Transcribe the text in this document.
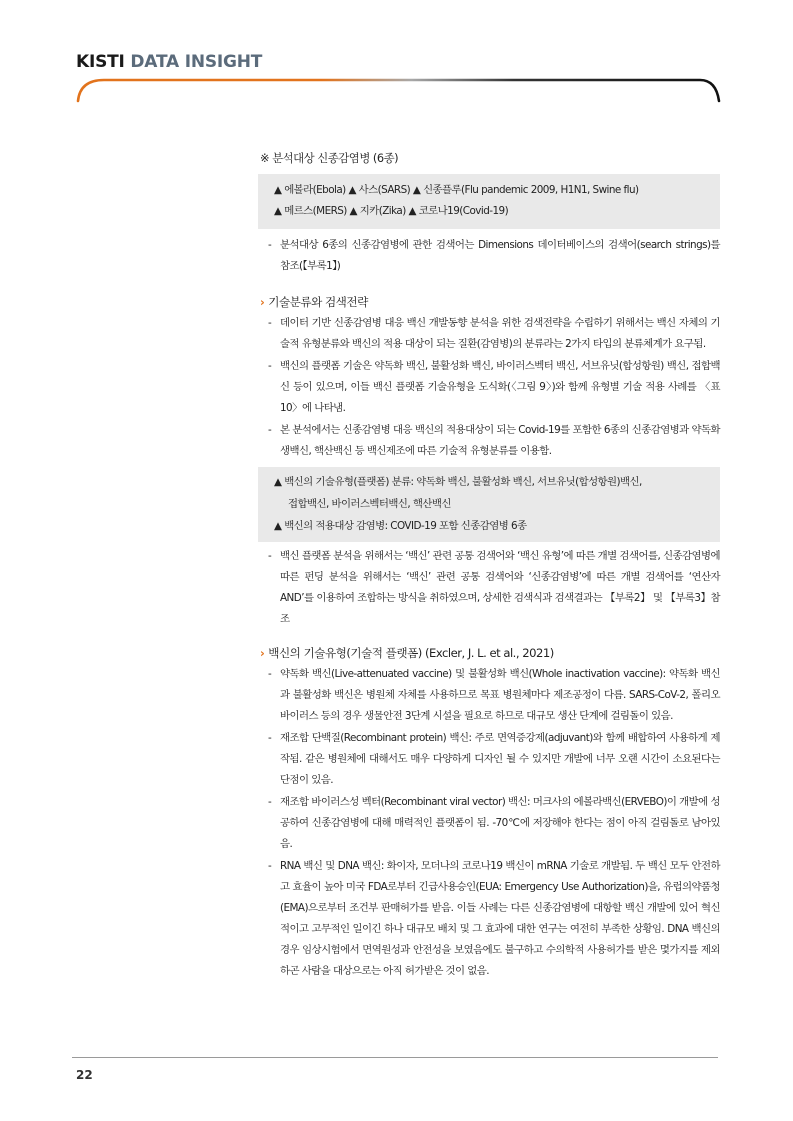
KISTI DATA INSIGHT
※ 분석대상 신종감염병 (6종)
▲ 에볼라(Ebola) ▲ 사스(SARS) ▲ 신종플루(Flu pandemic 2009, H1N1, Swine flu)
▲ 메르스(MERS) ▲ 지카(Zika) ▲ 코로나19(Covid-19)
- 분석대상 6종의 신종감염병에 관한 검색어는 Dimensions 데이터베이스의 검색어(search strings)를 참조(【부록1】)
› 기술분류와 검색전략
- 데이터 기반 신종감염병 대응 백신 개발동향 분석을 위한 검색전략을 수립하기 위해서는 백신 자체의 기술적 유형분류와 백신의 적용 대상이 되는 질환(감염병)의 분류라는 2가지 타입의 분류체계가 요구됨.
- 백신의 플랫폼 기술은 약독화 백신, 불활성화 백신, 바이러스벡터 백신, 서브유닛(합성항원) 백신, 접합백신 등이 있으며, 이들 백신 플랫폼 기술유형을 도식화(〈그림 9〉)와 함께 유형별 기술 적용 사례를 〈표 10〉에 나타냄.
- 본 분석에서는 신종감염병 대응 백신의 적용대상이 되는 Covid-19를 포함한 6종의 신종감염병과 약독화 생백신, 핵산백신 등 백신제조에 따른 기술적 유형분류를 이용함.
▲ 백신의 기술유형(플랫폼) 분류: 약독화 백신, 불활성화 백신, 서브유닛(합성항원)백신,
접합백신, 바이러스벡터백신, 핵산백신
▲ 백신의 적용대상 감염병: COVID-19 포함 신종감염병 6종
- 백신 플랫폼 분석을 위해서는 ‘백신’ 관련 공통 검색어와 ‘백신 유형’에 따른 개별 검색어를, 신종감염병에 따른 펀딩 분석을 위해서는 ‘백신’ 관련 공통 검색어와 ‘신종감염병’에 따른 개별 검색어를 ‘연산자 AND’를 이용하여 조합하는 방식을 취하였으며, 상세한 검색식과 검색결과는 【부록2】 및 【부록3】참조
› 백신의 기술유형(기술적 플랫폼) (Excler, J. L. et al., 2021)
- 약독화 백신(Live-attenuated vaccine) 및 불활성화 백신(Whole inactivation vaccine): 약독화 백신과 불활성화 백신은 병원체 자체를 사용하므로 목표 병원체마다 제조공정이 다름. SARS-CoV-2, 폴리오바이러스 등의 경우 생물안전 3단계 시설을 필요로 하므로 대규모 생산 단계에 걸림돌이 있음.
- 재조합 단백질(Recombinant protein) 백신: 주로 면역증강제(adjuvant)와 함께 배합하여 사용하게 제작됨. 같은 병원체에 대해서도 매우 다양하게 디자인 될 수 있지만 개발에 너무 오랜 시간이 소요된다는 단점이 있음.
- 재조합 바이러스성 벡터(Recombinant viral vector) 백신: 머크사의 에볼라백신(ERVEBO)이 개발에 성공하여 신종감염병에 대해 매력적인 플랫폼이 됨. -70℃에 저장해야 한다는 점이 아직 걸림돌로 남아있음.
- RNA 백신 및 DNA 백신: 화이자, 모더나의 코로나19 백신이 mRNA 기술로 개발됨. 두 백신 모두 안전하고 효율이 높아 미국 FDA로부터 긴급사용승인(EUA: Emergency Use Authorization)을, 유럽의약품청(EMA)으로부터 조건부 판매허가를 받음. 이들 사례는 다른 신종감염병에 대항할 백신 개발에 있어 혁신적이고 고무적인 일이긴 하나 대규모 배치 및 그 효과에 대한 연구는 여전히 부족한 상황임. DNA 백신의 경우 임상시험에서 면역원성과 안전성을 보였음에도 불구하고 수의학적 사용허가를 받은 몇가지를 제외하곤 사람을 대상으로는 아직 허가받은 것이 없음.
22
